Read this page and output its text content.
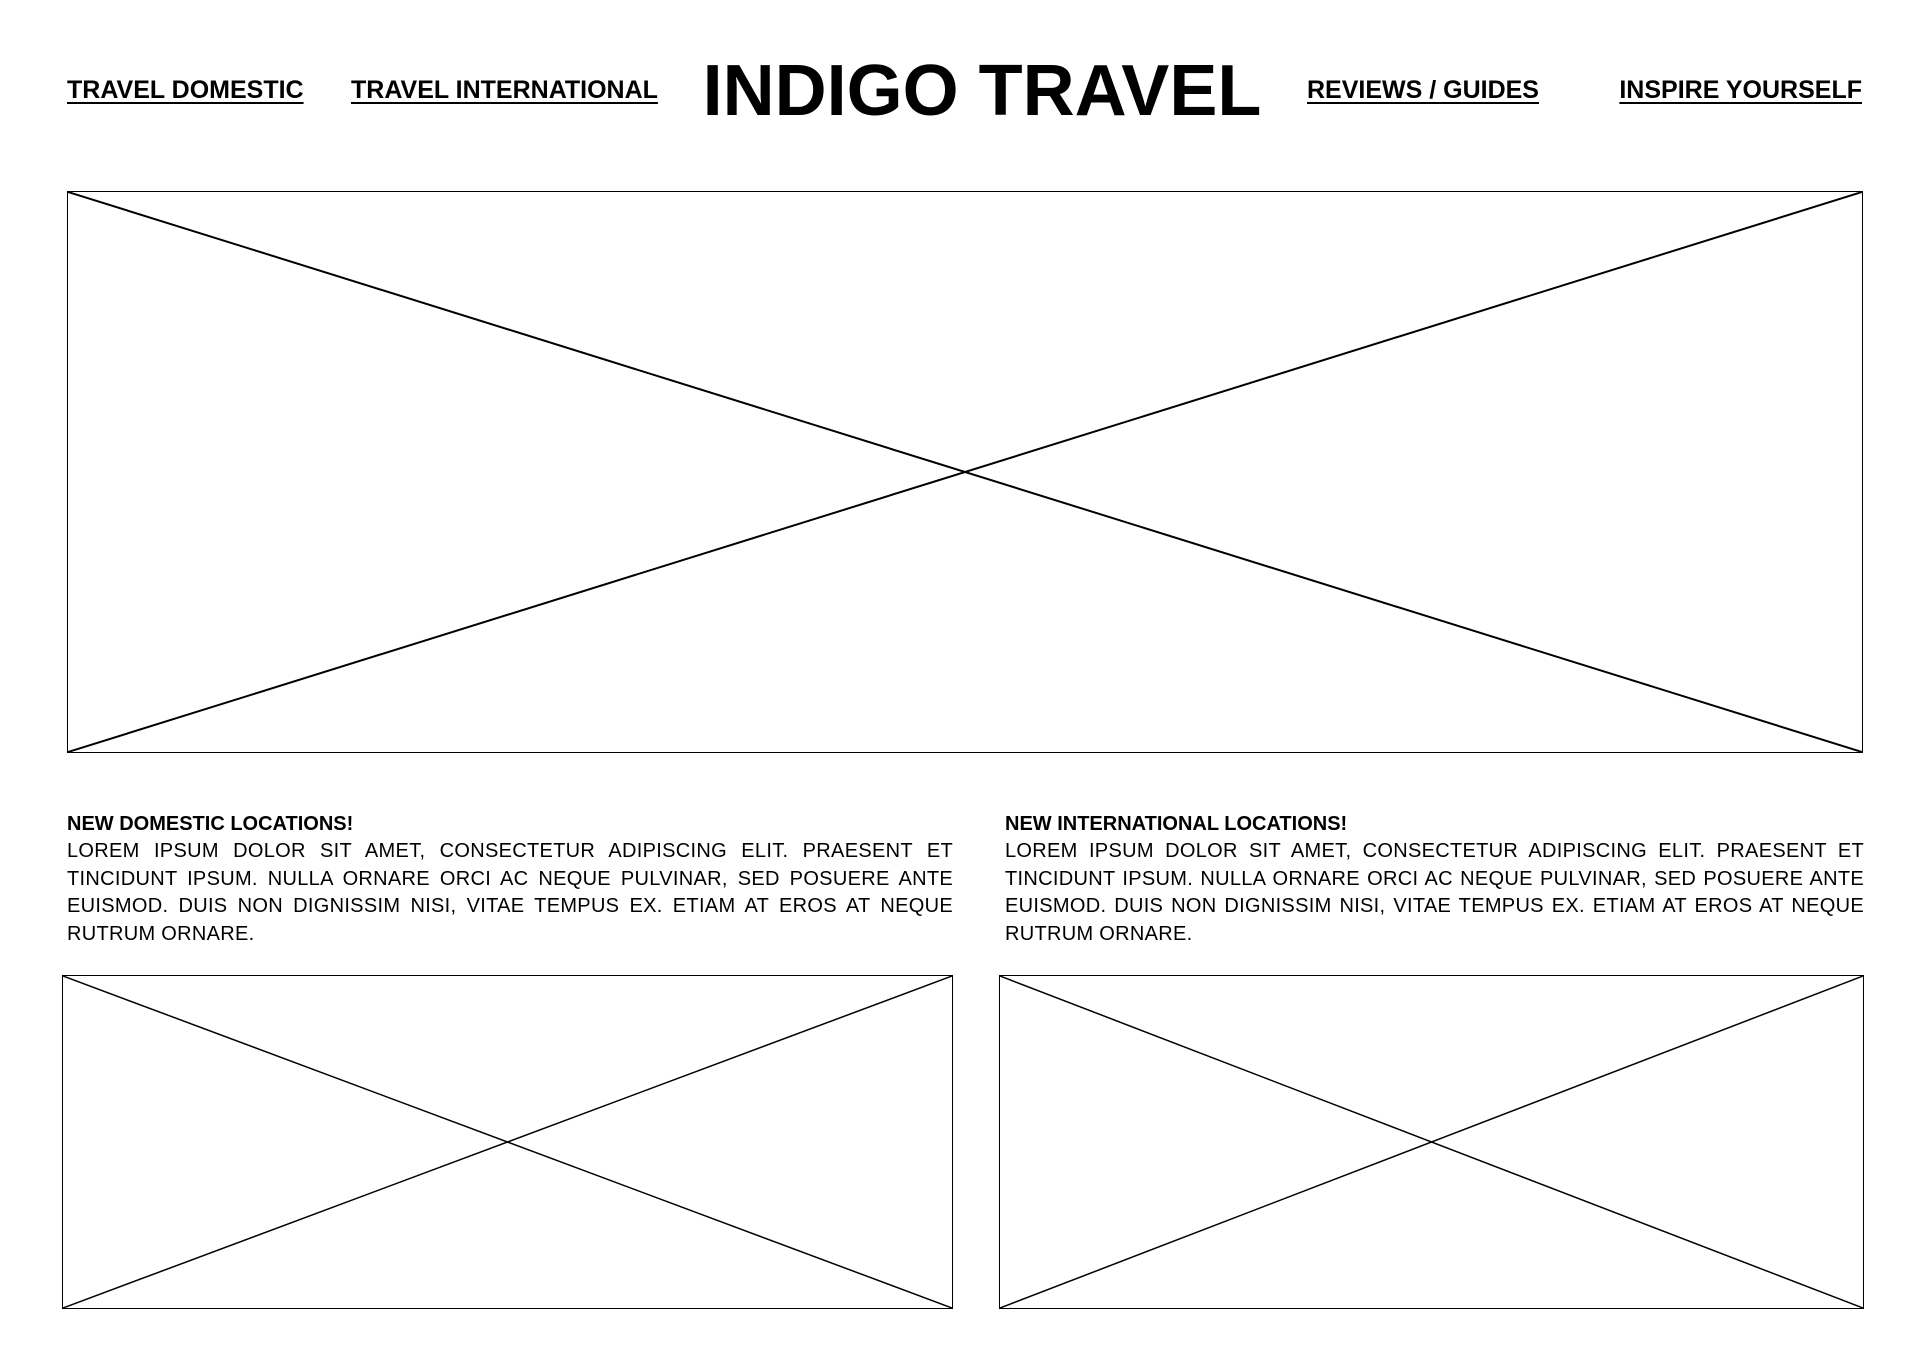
TRAVEL DOMESTIC TRAVEL INTERNATIONAL INDIGO TRAVEL	REVIEWS / GUIDES	INSPIRE YOURSELF

NEW DOMESTIC LOCATIONS!

LOREM IPSUM DOLOR SIT AMET, CONSECTETUR ADIPISCING ELIT. PRAESENT ET TINCIDUNT IPSUM. NULLA ORNARE ORCI AC NEQUE PULVINAR, SED POSUERE ANTE EUISMOD. DUIS NON DIGNISSIM NISI, VITAE TEMPUS EX. ETIAM AT EROS AT NEQUE RUTRUM ORNARE.

NEW INTERNATIONAL LOCATIONS!

LOREM IPSUM DOLOR SIT AMET, CONSECTETUR ADIPISCING ELIT. PRAESENT ET TINCIDUNT IPSUM. NULLA ORNARE ORCI AC NEQUE PULVINAR, SED POSUERE ANTE EUISMOD. DUIS NON DIGNISSIM NISI, VITAE TEMPUS EX. ETIAM AT EROS AT NEQUE RUTRUM ORNARE.
